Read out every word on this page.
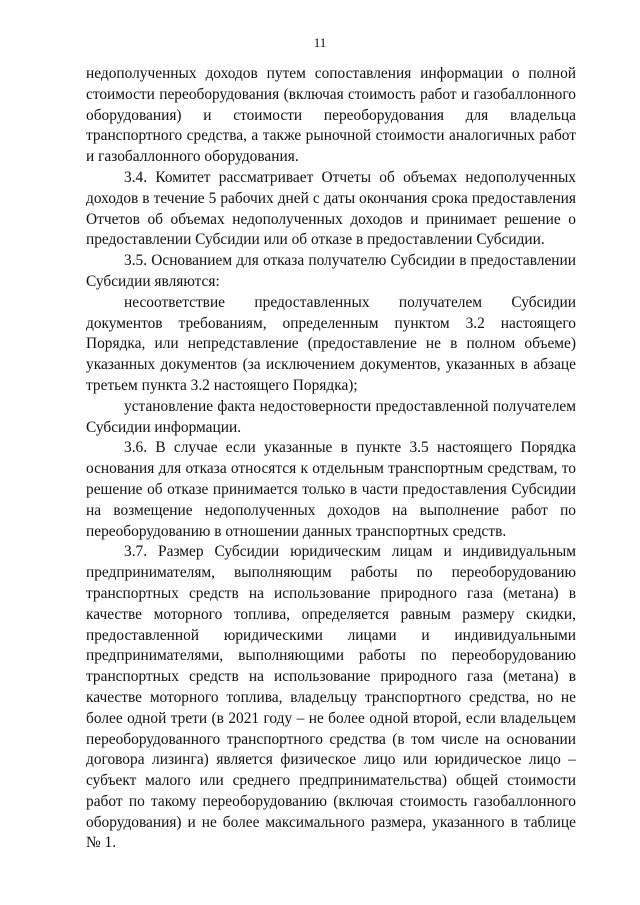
11

недополученных доходов путем сопоставления информации о полной стоимости переоборудования (включая стоимость работ и газобаллонного оборудования) и стоимости переоборудования для владельца транспортного средства, а также рыночной стоимости аналогичных работ и газобаллонного оборудования.

3.4. Комитет рассматривает Отчеты об объемах недополученных доходов в течение 5 рабочих дней с даты окончания срока предоставления Отчетов об объемах недополученных доходов и принимает решение о предоставлении Субсидии или об отказе в предоставлении Субсидии.

3.5. Основанием для отказа получателю Субсидии в предоставлении Субсидии являются:

несоответствие предоставленных получателем Субсидии документов требованиям, определенным пунктом 3.2 настоящего Порядка, или непредставление (предоставление не в полном объеме) указанных документов (за исключением документов, указанных в абзаце третьем пункта 3.2 настоящего Порядка);

установление факта недостоверности предоставленной получателем Субсидии информации.

3.6. В случае если указанные в пункте 3.5 настоящего Порядка основания для отказа относятся к отдельным транспортным средствам, то решение об отказе принимается только в части предоставления Субсидии на возмещение недополученных доходов на выполнение работ по переоборудованию в отношении данных транспортных средств.

3.7. Размер Субсидии юридическим лицам и индивидуальным предпринимателям, выполняющим работы по переоборудованию транспортных средств на использование природного газа (метана) в качестве моторного топлива, определяется равным размеру скидки, предоставленной юридическими лицами и индивидуальными предпринимателями, выполняющими работы по переоборудованию транспортных средств на использование природного газа (метана) в качестве моторного топлива, владельцу транспортного средства, но не более одной трети (в 2021 году – не более одной второй, если владельцем переоборудованного транспортного средства (в том числе на основании договора лизинга) является физическое лицо или юридическое лицо – субъект малого или среднего предпринимательства) общей стоимости работ по такому переоборудованию (включая стоимость газобаллонного оборудования) и не более максимального размера, указанного в таблице № 1.
